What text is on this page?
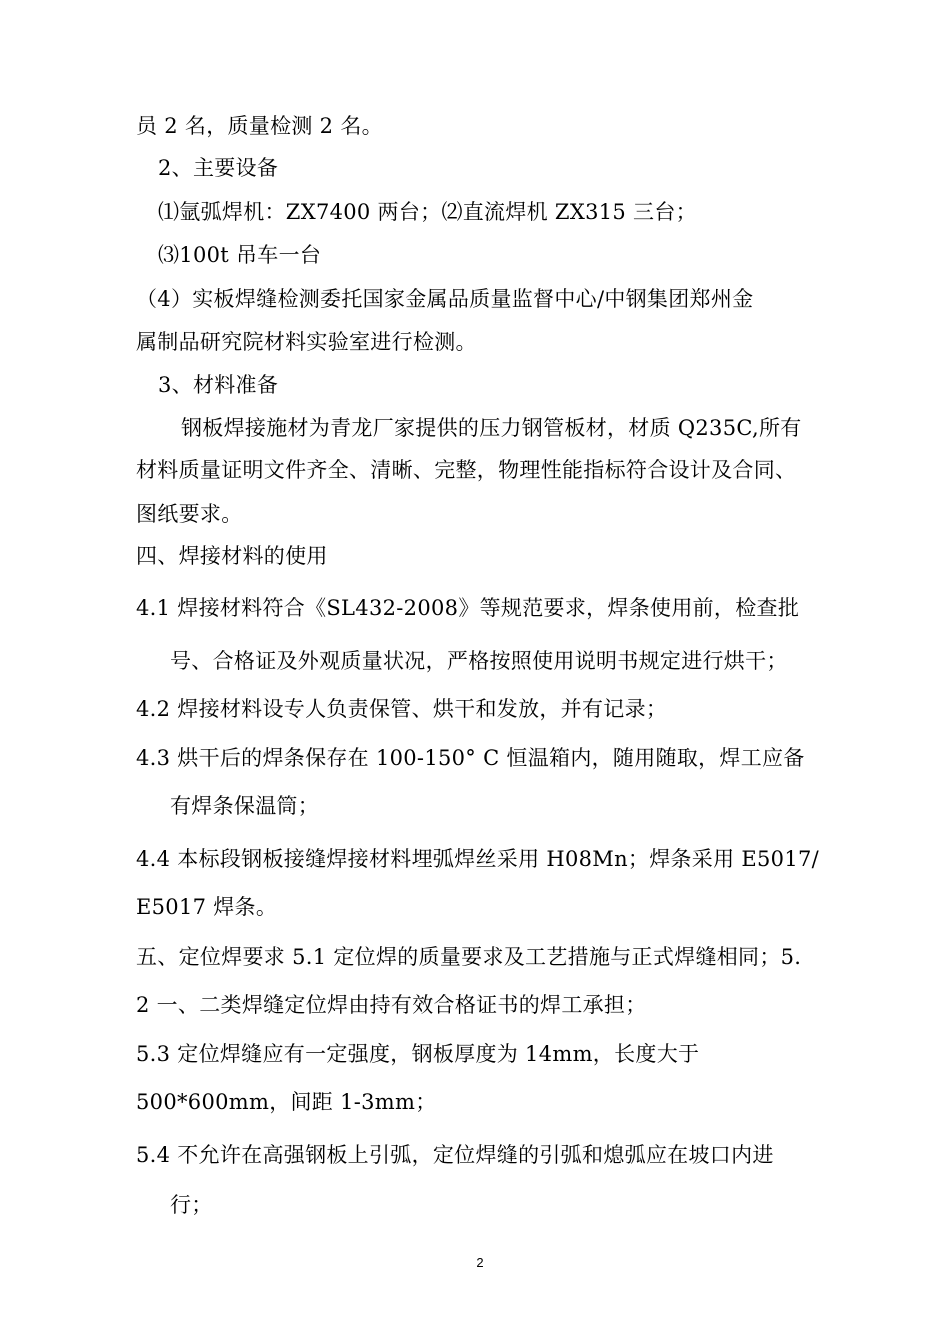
员 2 名，质量检测 2 名。
2、主要设备
⑴氩弧焊机：ZX7400 两台；⑵直流焊机 ZX315 三台；
⑶100t 吊车一台
（4）实板焊缝检测委托国家金属品质量监督中心/中钢集团郑州金
属制品研究院材料实验室进行检测。
3、材料准备
钢板焊接施材为青龙厂家提供的压力钢管板材，材质 Q235C,所有
材料质量证明文件齐全、清晰、完整，物理性能指标符合设计及合同、
图纸要求。
四、焊接材料的使用
4.1 焊接材料符合《SL432-2008》等规范要求，焊条使用前，检查批
号、合格证及外观质量状况，严格按照使用说明书规定进行烘干；
4.2 焊接材料设专人负责保管、烘干和发放，并有记录；
4.3 烘干后的焊条保存在 100-150° C 恒温箱内，随用随取，焊工应备
有焊条保温筒；
4.4 本标段钢板接缝焊接材料埋弧焊丝采用 H08Mn；焊条采用 E5017/
E5017 焊条。
五、定位焊要求 5.1 定位焊的质量要求及工艺措施与正式焊缝相同；5.
2 一、二类焊缝定位焊由持有效合格证书的焊工承担；
5.3 定位焊缝应有一定强度，钢板厚度为 14mm，长度大于
500*600mm，间距 1-3mm；
5.4 不允许在高强钢板上引弧，定位焊缝的引弧和熄弧应在坡口内进
行；
2
